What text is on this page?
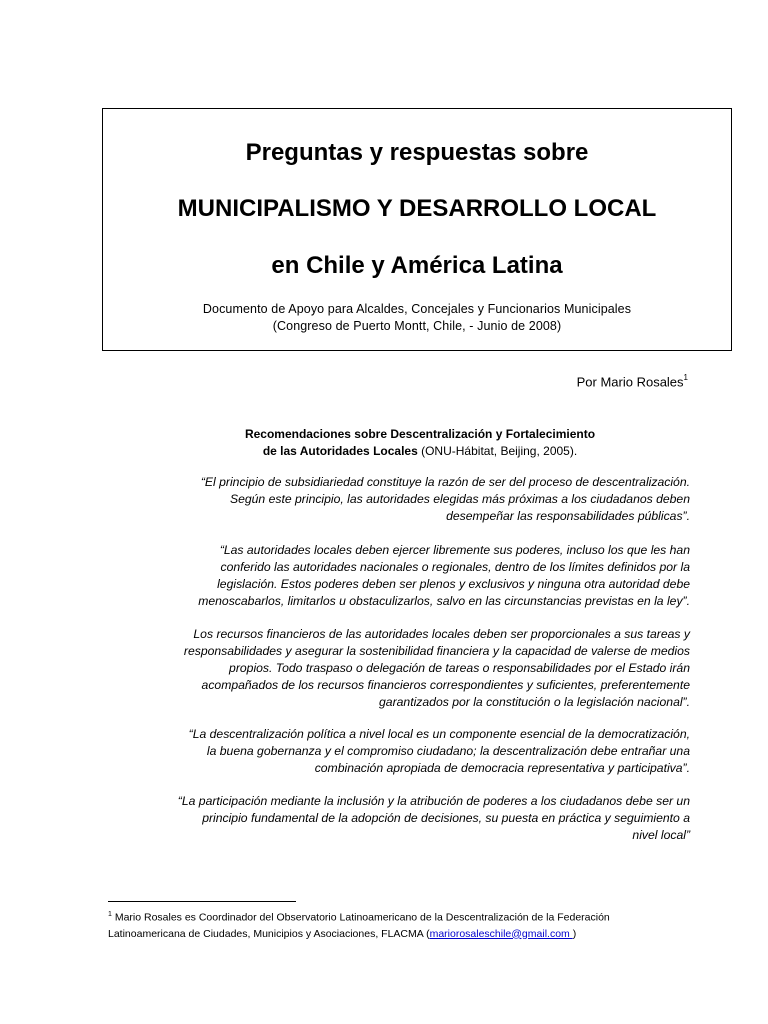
Preguntas y respuestas sobre
MUNICIPALISMO Y DESARROLLO LOCAL
en Chile y América Latina
Documento de Apoyo para Alcaldes, Concejales y Funcionarios Municipales
(Congreso de Puerto Montt, Chile, - Junio de 2008)
Por Mario Rosales$^1$
Recomendaciones sobre Descentralización y Fortalecimiento
de las Autoridades Locales (ONU-Hábitat, Beijing, 2005).
“El principio de subsidiariedad constituye la razón de ser del proceso de descentralización.
Según este principio, las autoridades elegidas más próximas a los ciudadanos deben
desempeñar las responsabilidades públicas”.
“Las autoridades locales deben ejercer libremente sus poderes, incluso los que les han
conferido las autoridades nacionales o regionales, dentro de los límites definidos por la
legislación. Estos poderes deben ser plenos y exclusivos y ninguna otra autoridad debe
menoscabarlos, limitarlos u obstaculizarlos, salvo en las circunstancias previstas en la ley”.
Los recursos financieros de las autoridades locales deben ser proporcionales a sus tareas y
responsabilidades y asegurar la sostenibilidad financiera y la capacidad de valerse de medios
propios. Todo traspaso o delegación de tareas o responsabilidades por el Estado irán
acompañados de los recursos financieros correspondientes y suficientes, preferentemente
garantizados por la constitución o la legislación nacional”.
“La descentralización política a nivel local es un componente esencial de la democratización,
la buena gobernanza y el compromiso ciudadano; la descentralización debe entrañar una
combinación apropiada de democracia representativa y participativa”.
“La participación mediante la inclusión y la atribución de poderes a los ciudadanos debe ser un
principio fundamental de la adopción de decisiones, su puesta en práctica y seguimiento a
nivel local”
$^1$ Mario Rosales es Coordinador del Observatorio Latinoamericano de la Descentralización de la Federación
Latinoamericana de Ciudades, Municipios y Asociaciones, FLACMA (mariorosaleschile@gmail.com )
